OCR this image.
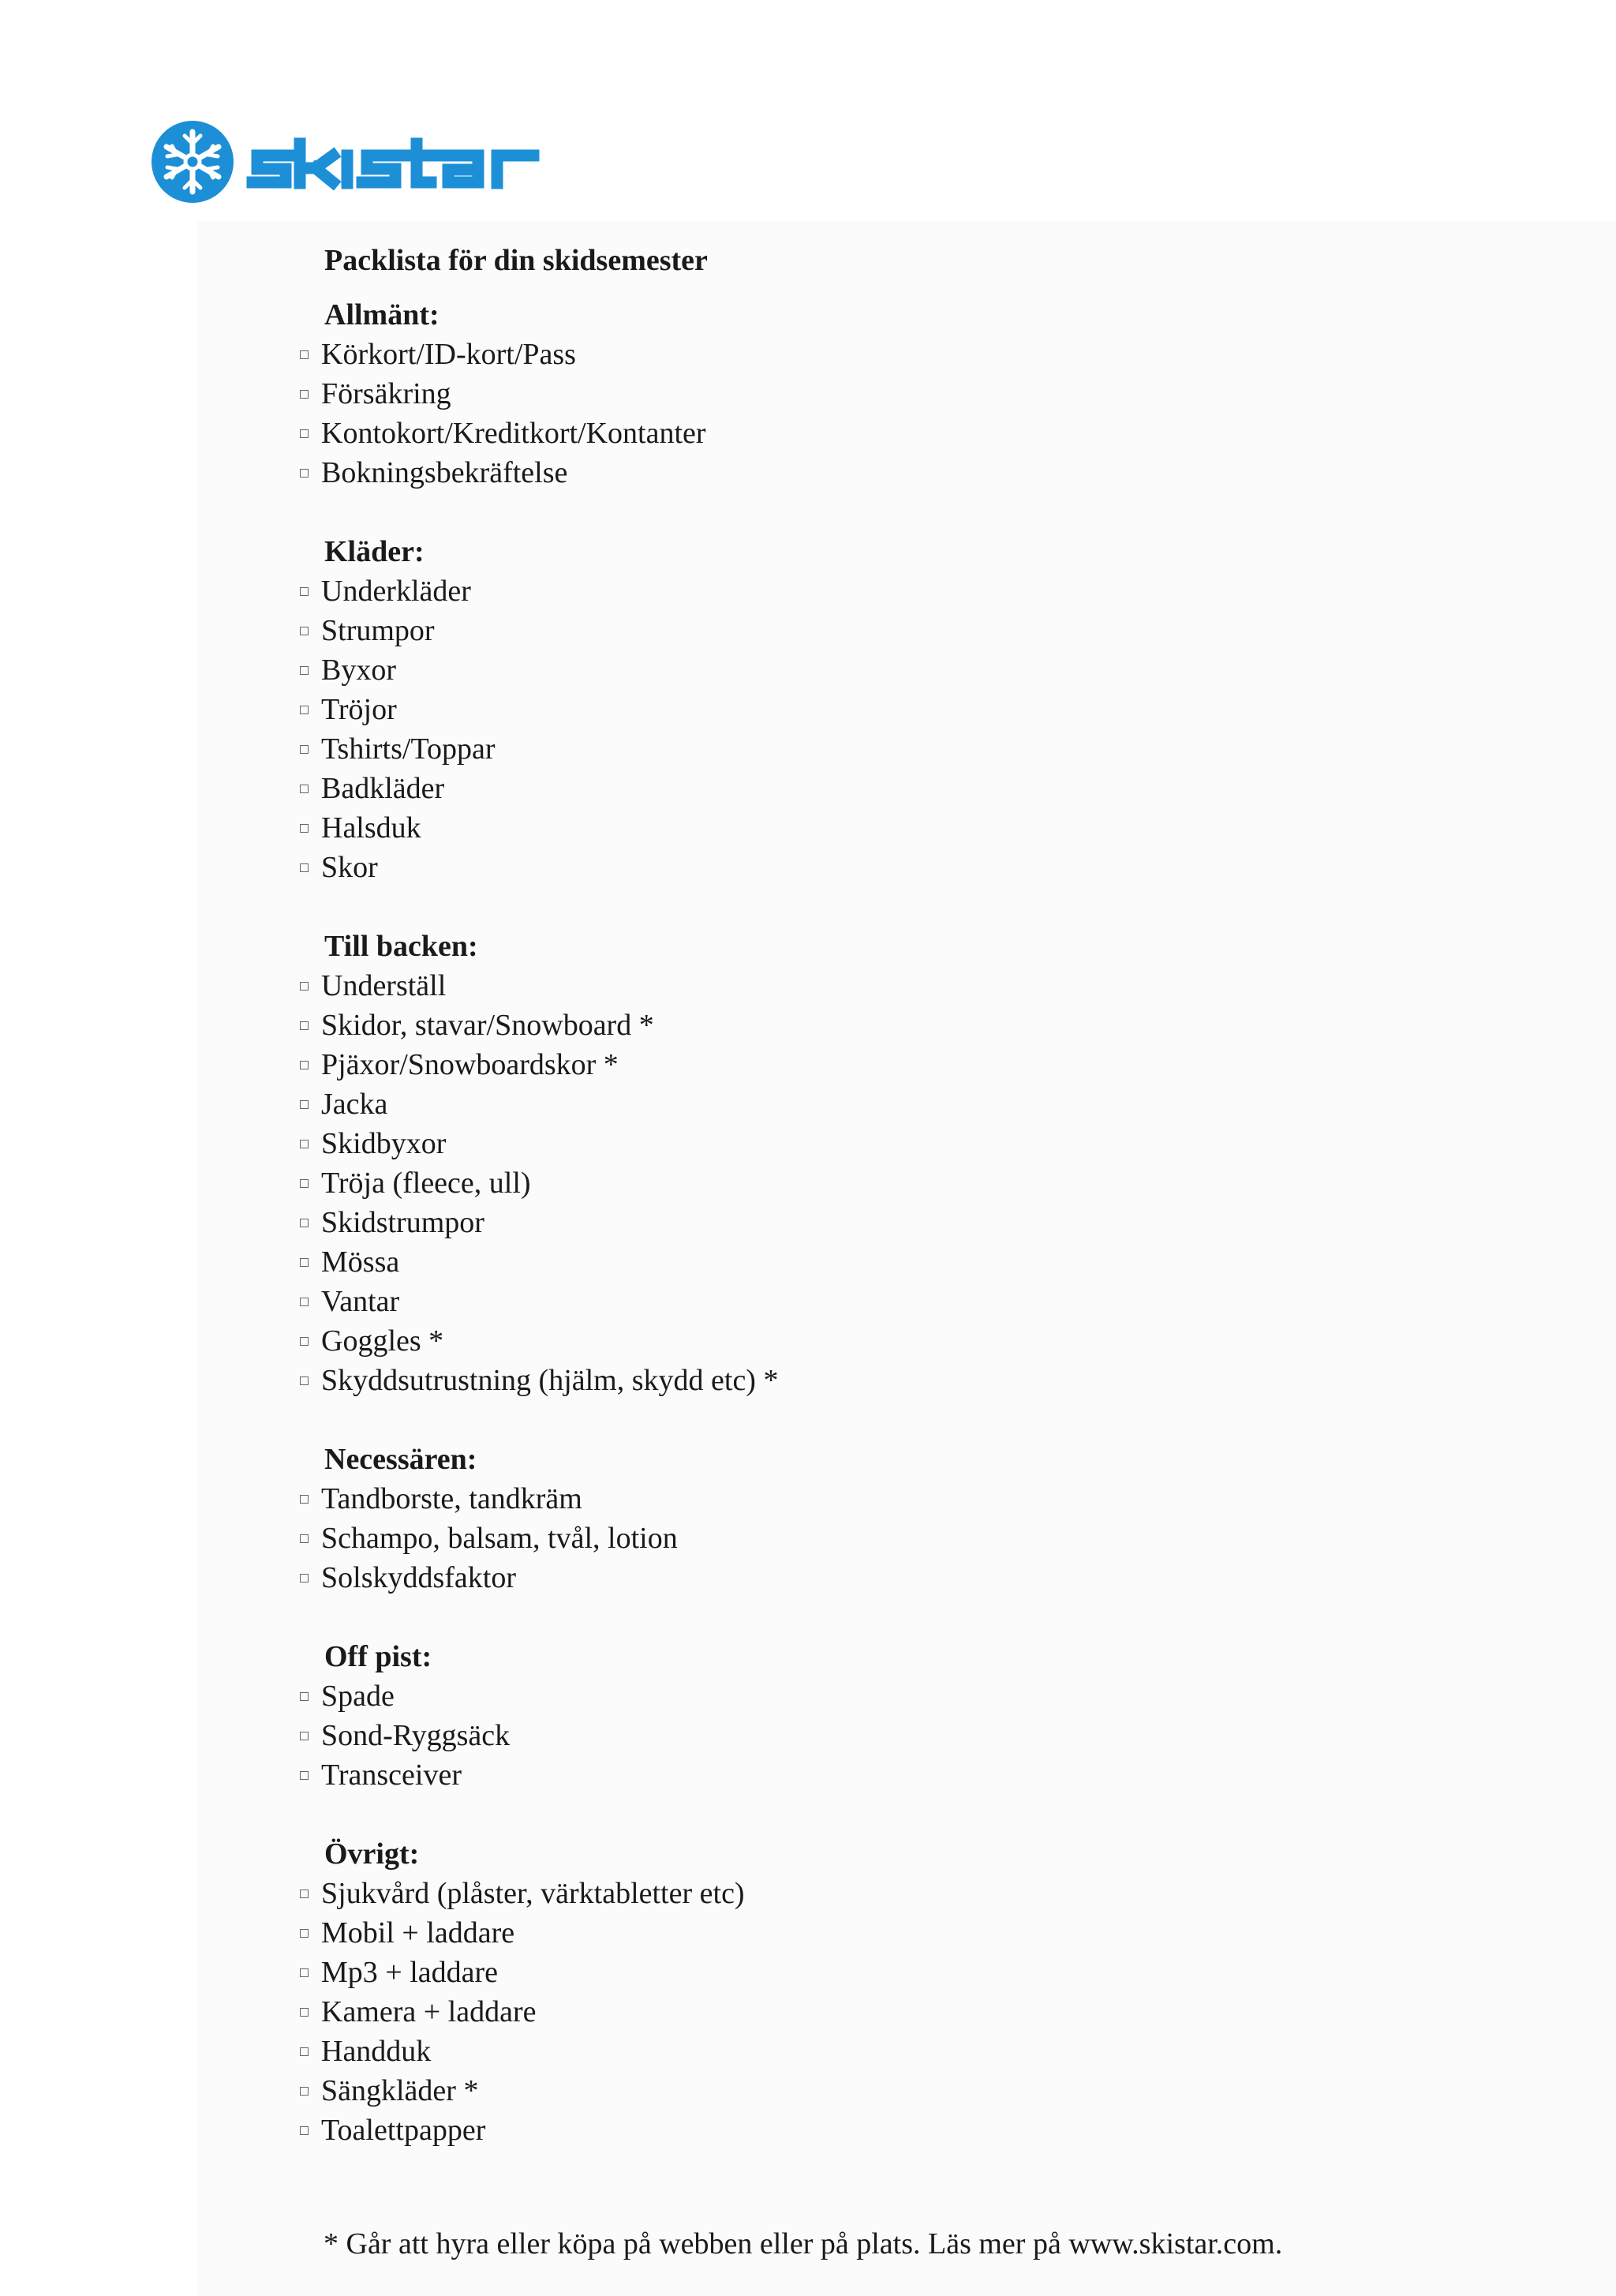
Packlista för din skidsemester
Allmänt:
Körkort/ID-kort/Pass
Försäkring
Kontokort/Kreditkort/Kontanter
Bokningsbekräftelse
Kläder:
Underkläder
Strumpor
Byxor
Tröjor
Tshirts/Toppar
Badkläder
Halsduk
Skor
Till backen:
Underställ
Skidor, stavar/Snowboard *
Pjäxor/Snowboardskor *
Jacka
Skidbyxor
Tröja (fleece, ull)
Skidstrumpor
Mössa
Vantar
Goggles *
Skyddsutrustning (hjälm, skydd etc) *
Necessären:
Tandborste, tandkräm
Schampo, balsam, tvål, lotion
Solskyddsfaktor
Off pist:
Spade
Sond-Ryggsäck
Transceiver
Övrigt:
Sjukvård (plåster, värktabletter etc)
Mobil + laddare
Mp3 + laddare
Kamera + laddare
Handduk
Sängkläder *
Toalettpapper

* Går att hyra eller köpa på webben eller på plats. Läs mer på www.skistar.com.
